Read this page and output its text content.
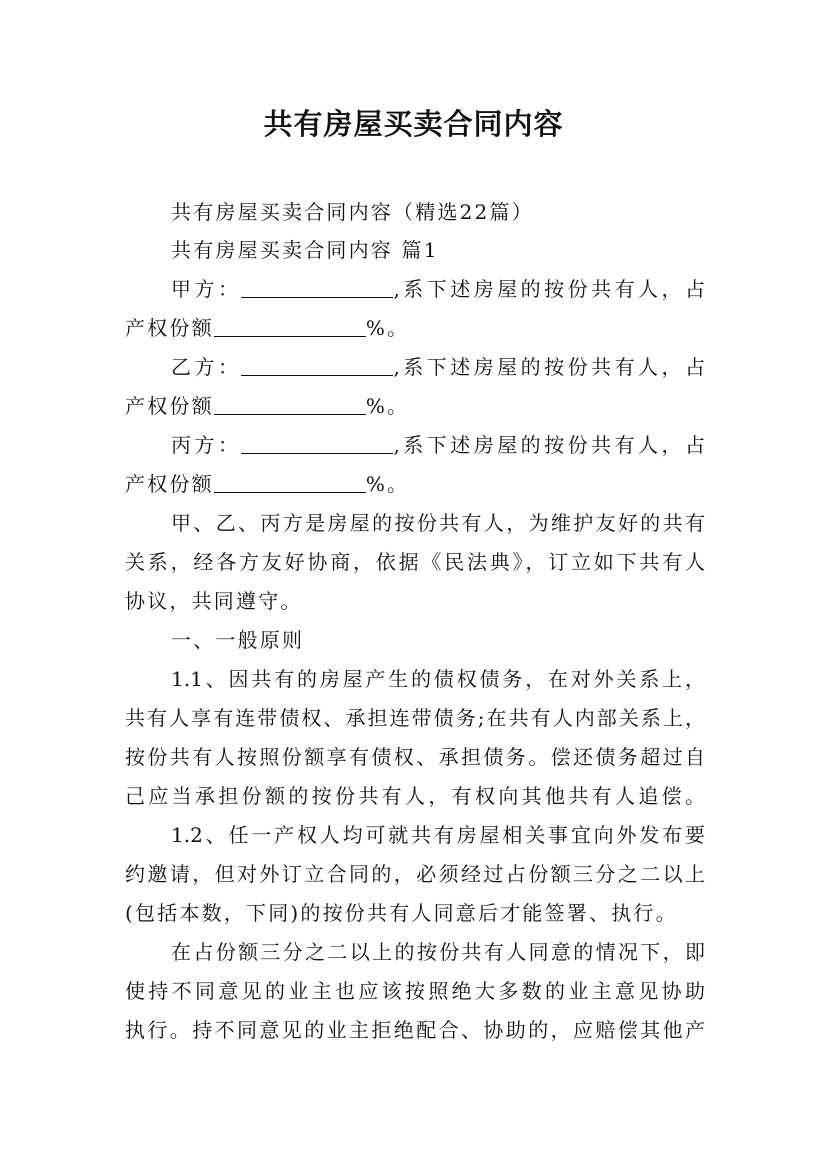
共有房屋买卖合同内容
共有房屋买卖合同内容（精选22篇）
共有房屋买卖合同内容 篇1
甲方：	,系下述房屋的按份共有人，占
产权份额	%。
乙方：	,系下述房屋的按份共有人，占
产权份额	%。
丙方：	,系下述房屋的按份共有人，占
产权份额	%。
甲、乙、丙方是房屋的按份共有人，为维护友好的共有
关系，经各方友好协商，依据《民法典》，订立如下共有人
协议，共同遵守。
一、一般原则
1.1、因共有的房屋产生的债权债务，在对外关系上，
共有人享有连带债权、承担连带债务;在共有人内部关系上，
按份共有人按照份额享有债权、承担债务。偿还债务超过自
己应当承担份额的按份共有人，有权向其他共有人追偿。
1.2、任一产权人均可就共有房屋相关事宜向外发布要
约邀请，但对外订立合同的，必须经过占份额三分之二以上
(包括本数，下同)的按份共有人同意后才能签署、执行。
在占份额三分之二以上的按份共有人同意的情况下，即
使持不同意见的业主也应该按照绝大多数的业主意见协助
执行。持不同意见的业主拒绝配合、协助的，应赔偿其他产
